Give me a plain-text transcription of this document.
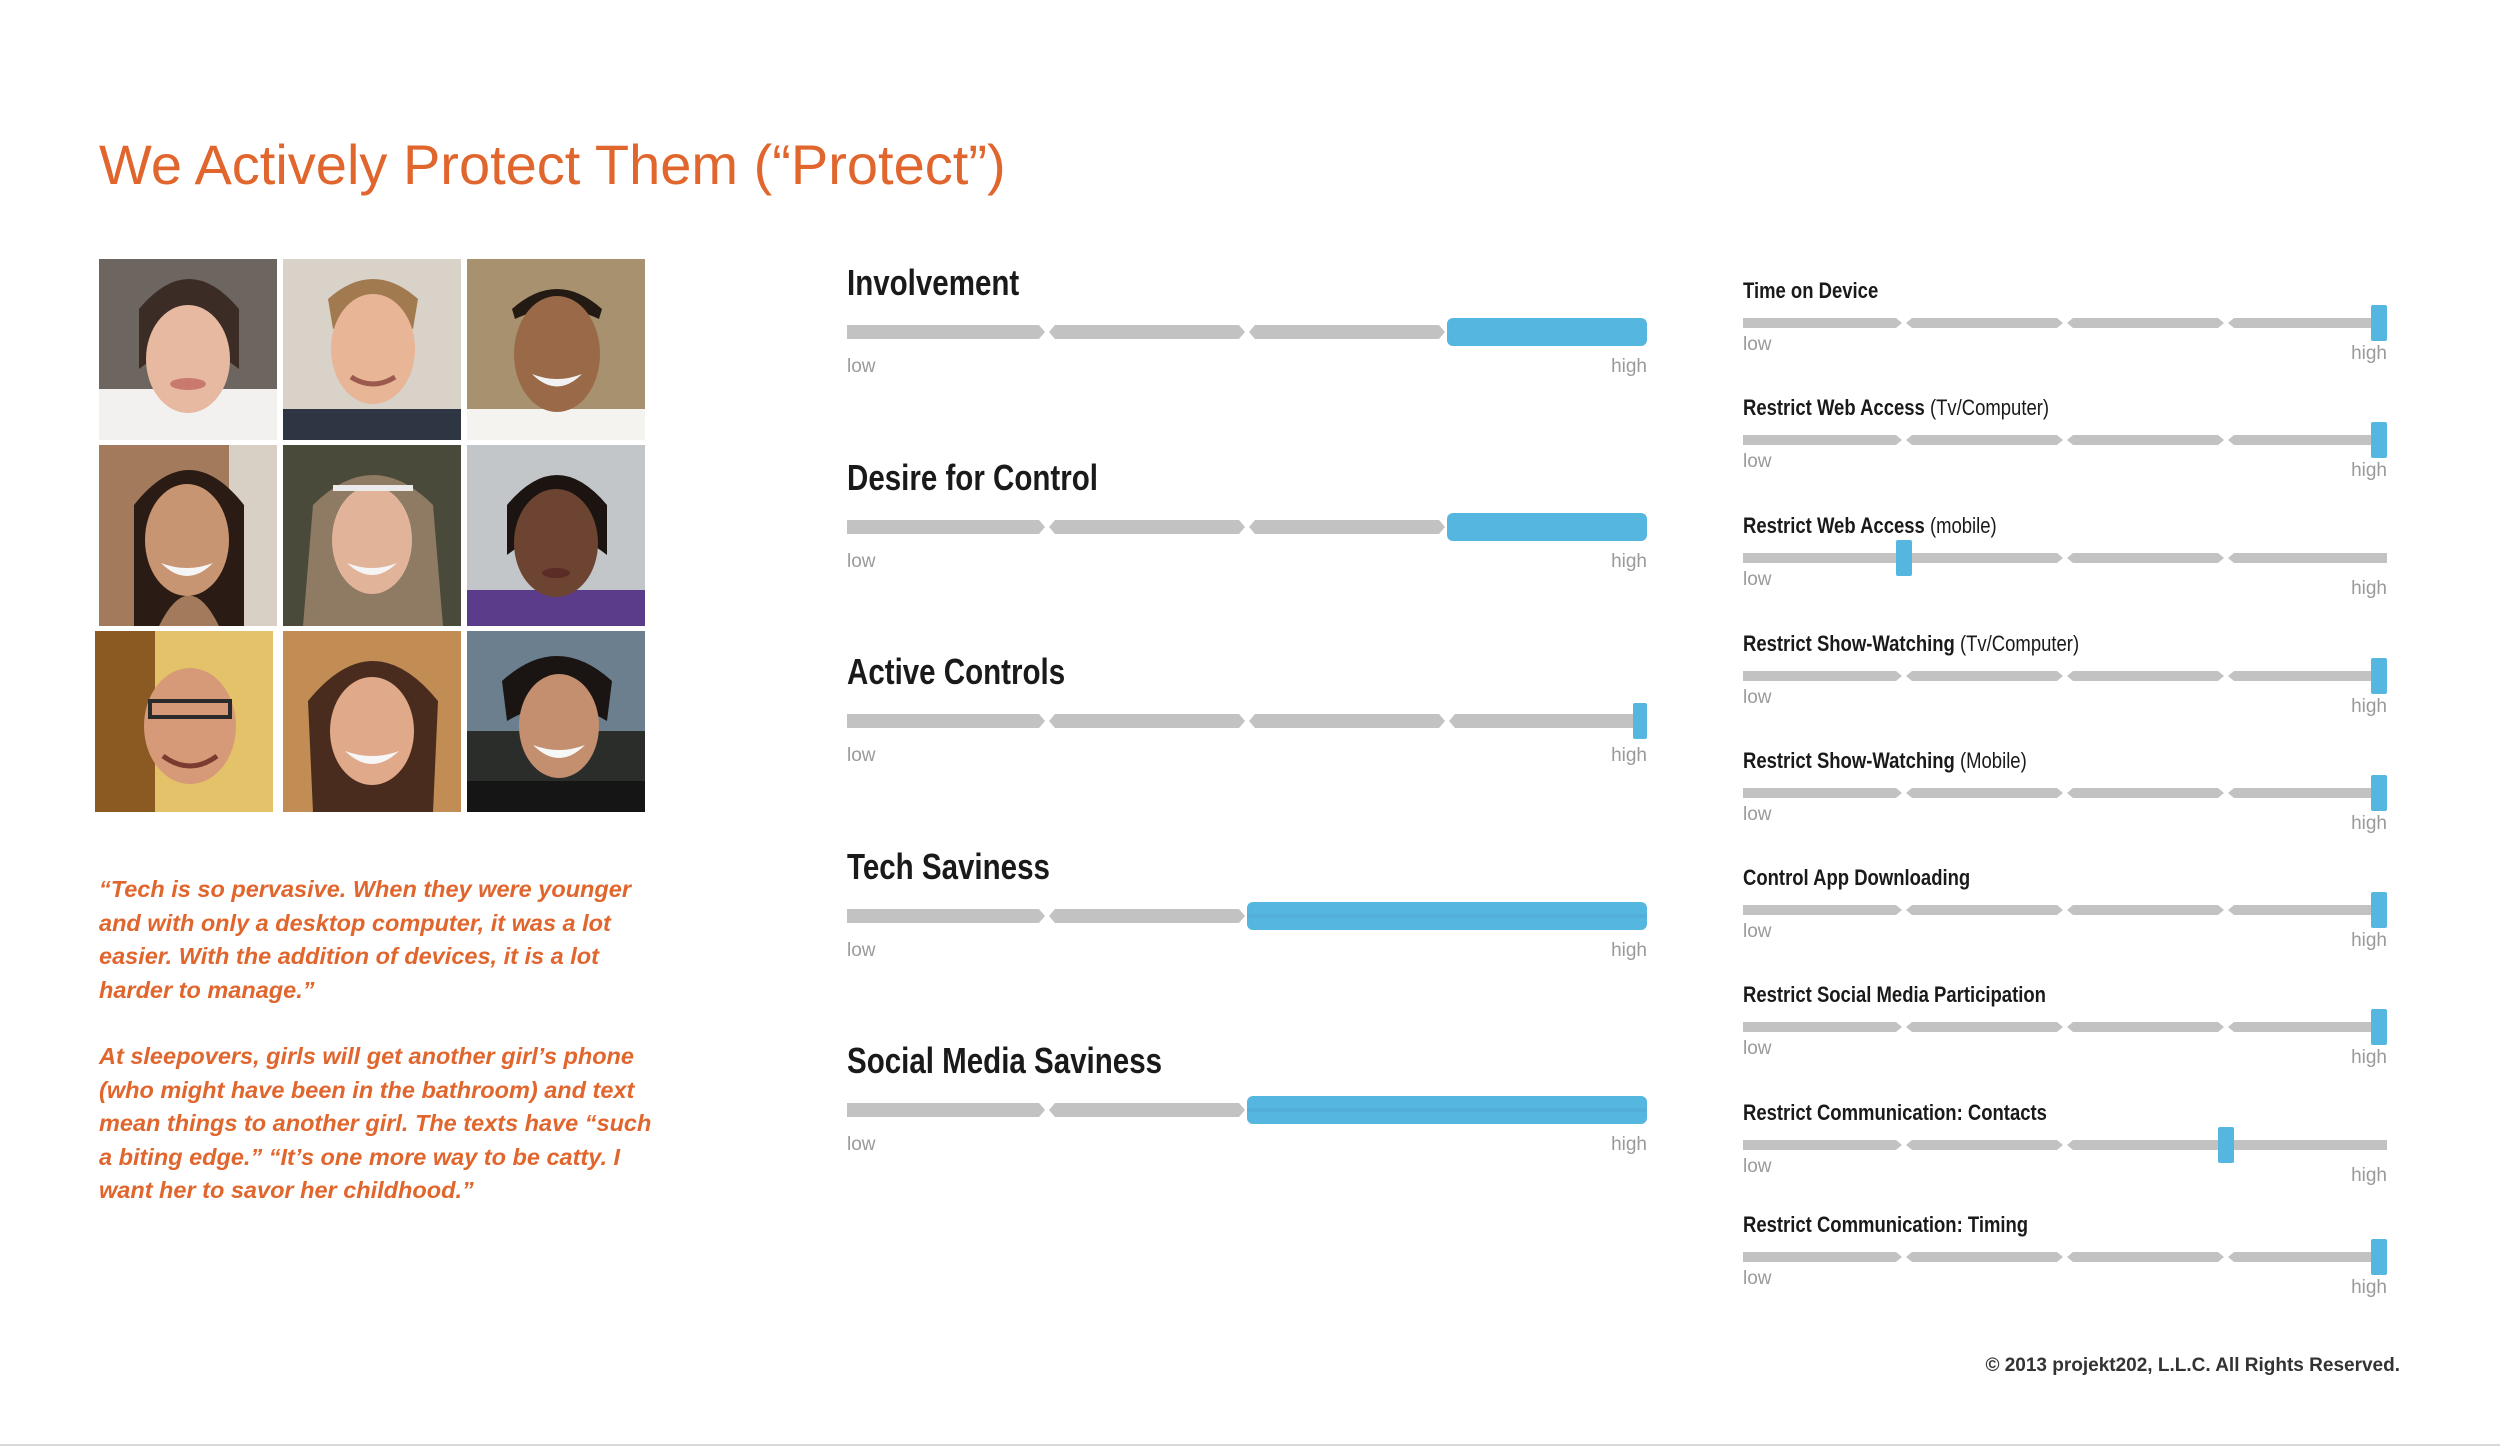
We Actively Protect Them (“Protect”)
“Tech is so pervasive. When they were younger and with only a desktop computer, it was a lot easier. With the addition of devices, it is a lot harder to manage.”
At sleepovers, girls will get another girl’s phone (who might have been in the bathroom) and text mean things to another girl. The texts have “such a biting edge.” “It’s one more way to be catty. I want her to savor her childhood.”
Involvement
low	high
Desire for Control
low	high
Active Controls
low	high
Tech Saviness
low	high
Social Media Saviness
low	high
Time on Device
low	high
Restrict Web Access (Tv/Computer)
low	high
Restrict Web Access (mobile)
low	high
Restrict Show-Watching (Tv/Computer)
low	high
Restrict Show-Watching (Mobile)
low	high
Control App Downloading
low	high
Restrict Social Media Participation
low	high
Restrict Communication: Contacts
low	high
Restrict Communication: Timing
low	high
© 2013 projekt202, L.L.C. All Rights Reserved.
